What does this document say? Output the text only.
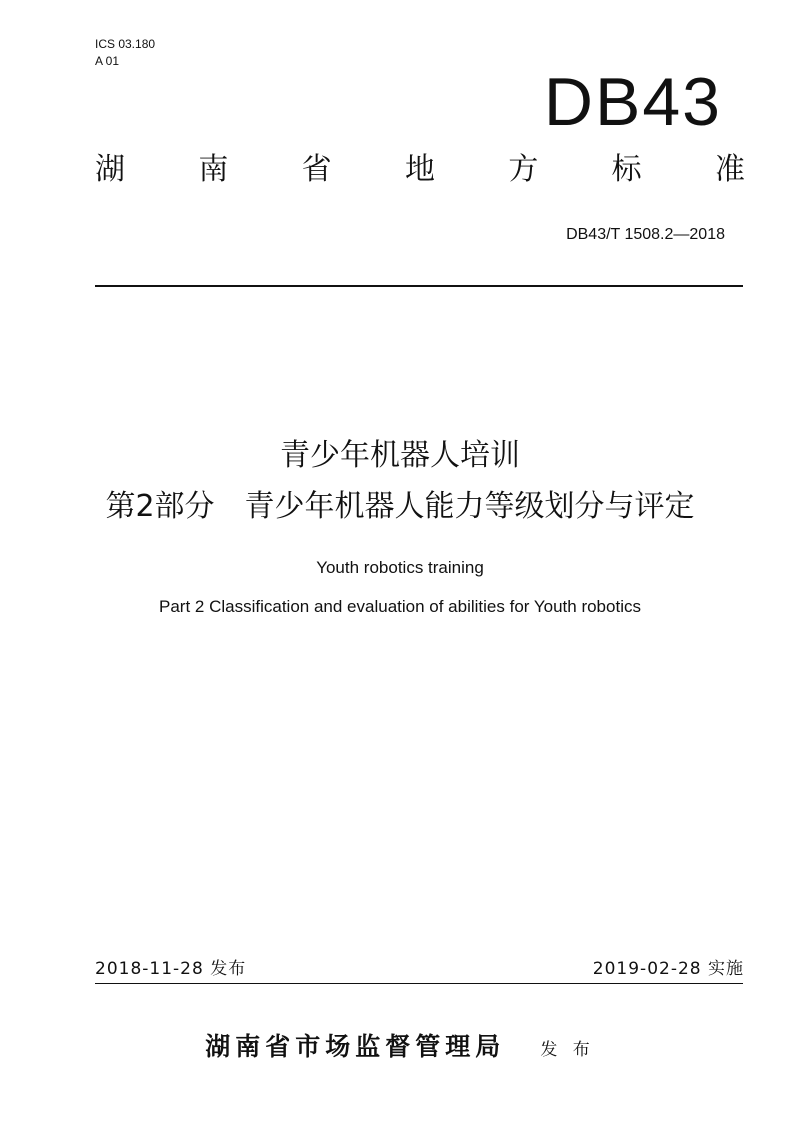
ICS 03.180
A 01
DB43
湖 南 省 地 方 标 准
DB43/T 1508.2—2018
青少年机器人培训
第2部分　青少年机器人能力等级划分与评定
Youth robotics training
Part 2 Classification and evaluation of abilities for Youth robotics
2018-11-28 发布	2019-02-28 实施
湖南省市场监督管理局 发 布
